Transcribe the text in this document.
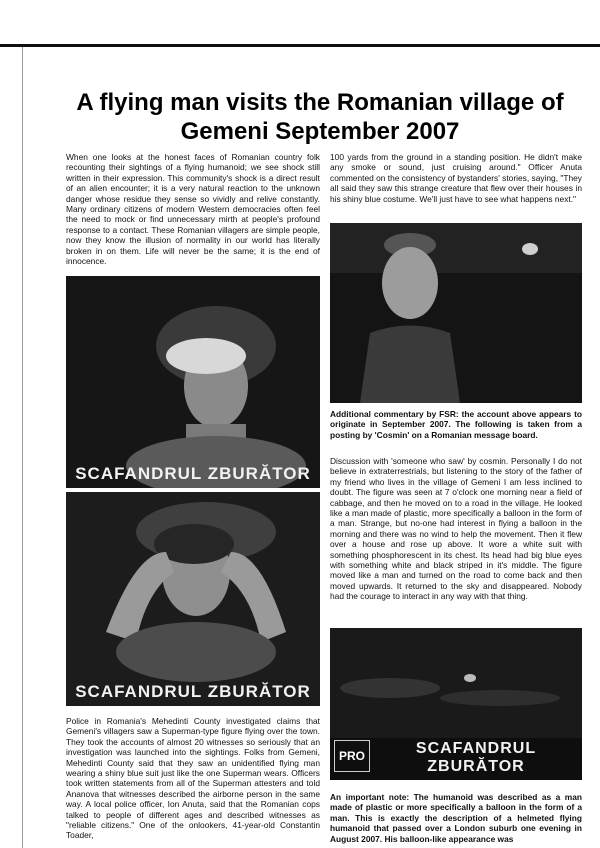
A flying man visits the Romanian village of Gemeni September 2007

When one looks at the honest faces of Romanian country folk recounting their sightings of a flying humanoid; we see shock still written in their expression. This community's shock is a direct result of an alien encounter; it is a very natural reaction to the unknown danger whose residue they sense so vividly and relive constantly. Many ordinary citizens of modern Western democracies often feel the need to mock or find unnecessary mirth at people's profound response to a contact. These Romanian villagers are simple people, now they know the illusion of normality in our world has literally broken in on them. Life will never be the same; it is the end of innocence.

SCAFANDRUL ZBURĂTOR
SCAFANDRUL ZBURĂTOR

Police in Romania's Mehedinti County investigated claims that Gemeni's villagers saw a Superman-type figure flying over the town. They took the accounts of almost 20 witnesses so seriously that an investigation was launched into the sightings. Folks from Gemeni, Mehedinti County said that they saw an unidentified flying man wearing a shiny blue suit just like the one Superman wears. Officers took written statements from all of the Superman attesters and told Ananova that witnesses described the airborne person in the same way. A local police officer, Ion Anuta, said that the Romanian cops talked to people of different ages and described witnesses as "reliable citizens." One of the onlookers, 41-year-old Constantin Toader,

100 yards from the ground in a standing position. He didn't make any smoke or sound, just cruising around." Officer Anuta commented on the consistency of bystanders' stories, saying, "They all said they saw this strange creature that flew over their houses in his shiny blue costume. We'll just have to see what happens next."

Additional commentary by FSR: the account above appears to originate in September 2007. The following is taken from a posting by 'Cosmin' on a Romanian message board.

Discussion with 'someone who saw' by cosmin. Personally I do not believe in extraterrestrials, but listening to the story of the father of my friend who lives in the village of Gemeni I am less inclined to doubt. The figure was seen at 7 o'clock one morning near a field of cabbage, and then he moved on to a road in the village. He looked like a man made of plastic, more specifically a balloon in the form of a man. Strange, but no-one had interest in flying a balloon in the morning and there was no wind to help the movement. Then it flew over a house and rose up above. It wore a white suit with something phosphorescent in its chest. Its head had big blue eyes with something white and black striped in it's middle. The figure moved like a man and turned on the road to come back and then moved upwards. It returned to the sky and disappeared. Nobody had the courage to interact in any way with that thing.

PRO	SCAFANDRUL ZBURĂTOR

An important note: The humanoid was described as a man made of plastic or more specifically a balloon in the form of a man. This is exactly the description of a helmeted flying humanoid that passed over a London suburb one evening in August 2007. His balloon-like appearance was
